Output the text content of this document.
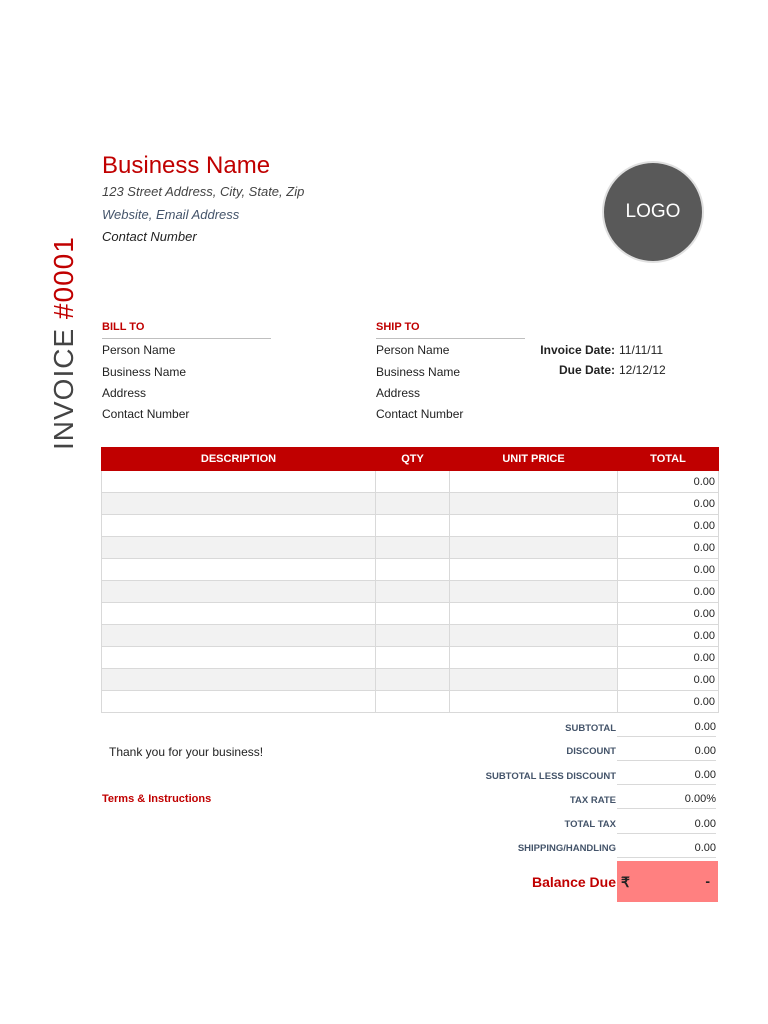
Business Name
123 Street Address, City, State, Zip
Website, Email Address
Contact Number
LOGO
INVOICE #0001
BILL TO
Person Name
Business Name
Address
Contact Number
SHIP TO
Person Name
Business Name
Address
Contact Number
Invoice Date: 11/11/11
Due Date: 12/12/12
DESCRIPTION	QTY	UNIT PRICE	TOTAL
			0.00
			0.00
			0.00
			0.00
			0.00
			0.00
			0.00
			0.00
			0.00
			0.00
			0.00
SUBTOTAL	0.00
DISCOUNT	0.00
SUBTOTAL LESS DISCOUNT	0.00
TAX RATE	0.00%
TOTAL TAX	0.00
SHIPPING/HANDLING	0.00
Thank you for your business!
Terms & Instructions
Balance Due ₹	-
